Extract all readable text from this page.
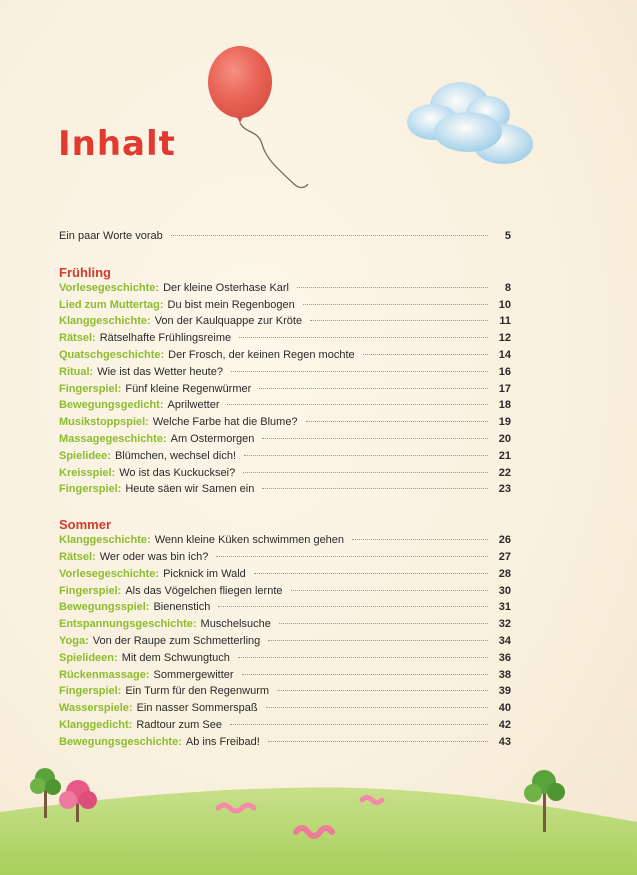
Inhalt
Ein paar Worte vorab	5
Frühling
Vorlesegeschichte: Der kleine Osterhase Karl	8
Lied zum Muttertag: Du bist mein Regenbogen	10
Klanggeschichte: Von der Kaulquappe zur Kröte	11
Rätsel: Rätselhafte Frühlingsreime	12
Quatschgeschichte: Der Frosch, der keinen Regen mochte	14
Ritual: Wie ist das Wetter heute?	16
Fingerspiel: Fünf kleine Regenwürmer	17
Bewegungsgedicht: Aprilwetter	18
Musikstoppspiel: Welche Farbe hat die Blume?	19
Massagegeschichte: Am Ostermorgen	20
Spielidee: Blümchen, wechsel dich!	21
Kreisspiel: Wo ist das Kuckucksei?	22
Fingerspiel: Heute säen wir Samen ein	23
Sommer
Klanggeschichte: Wenn kleine Küken schwimmen gehen	26
Rätsel: Wer oder was bin ich?	27
Vorlesegeschichte: Picknick im Wald	28
Fingerspiel: Als das Vögelchen fliegen lernte	30
Bewegungsspiel: Bienenstich	31
Entspannungsgeschichte: Muschelsuche	32
Yoga: Von der Raupe zum Schmetterling	34
Spielideen: Mit dem Schwungtuch	36
Rückenmassage: Sommergewitter	38
Fingerspiel: Ein Turm für den Regenwurm	39
Wasserspiele: Ein nasser Sommerspaß	40
Klanggedicht: Radtour zum See	42
Bewegungsgeschichte: Ab ins Freibad!	43
